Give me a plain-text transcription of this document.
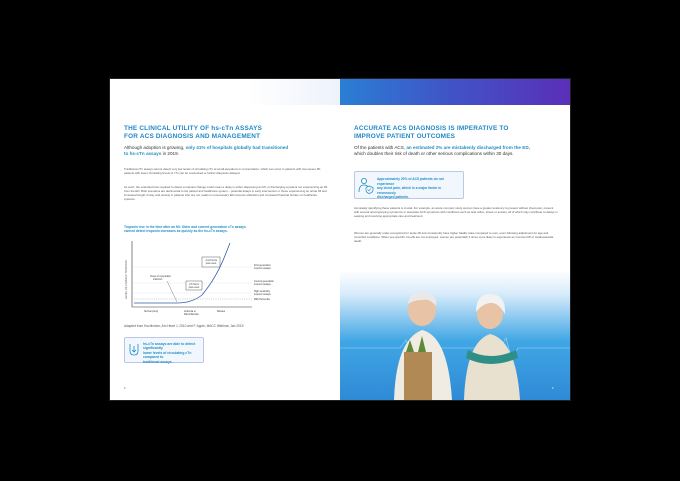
THE CLINICAL UTILITY OF hs-cTn ASSAYS
FOR ACS DIAGNOSIS AND MANAGEMENT
Although adoption is growing, only 41% of hospitals globally had transitioned
to hs-cTn assays in 2019.
Traditional cTn assays cannot detect very low levels of circulating cTn at small elevations in concentration, which can occur in patients with low-severe MI; patients with lower circulating levels of cTn can be overlooked or further diagnosis delayed.
As such, the extended time required to detect a relevant change could mean a delay in either dispensing an MI, or discharging a patient not experiencing an MI from the ED. Both scenarios are detrimental to the patient and healthcare system – potential delays in early intervention or those experiencing an acute MI and increased length of stay and anxiety in patients who are not, leads to unnecessary ED resource utilization and increased financial burden on healthcare systems.
Troponin rise in the time after an MI: Older and current generation cTn assays
cannot detect troponin increases as quickly as the hs-cTn assays.
LEVEL OF CARDIAC TROPONIN	~6-12 hours
post event
2-8 hours
post event
Onset of myocardial
infarction
First generation
troponin assays
Current generation
troponin assays
High sensitivity
troponin assays
99th Percentile
Normal (zero)	Ischemia or
Microinfarction
Minutes
Adapted from Hochholzer, Am Heart J, 2010 and F. Apple, MACC Webinar, Jan 2019.
hs-cTn assays are able to detect significantly
lower levels of circulating cTn compared to
traditional assays.
8
ACCURATE ACS DIAGNOSIS IS IMPERATIVE TO
IMPROVE PATIENT OUTCOMES
Of the patients with ACS, an estimated 2% are mistakenly discharged from the ED,
which doubles their risk of death or other serious complications within 30 days.
Approximately 20% of ACS patients do not experience
any chest pain, which is a major factor in erroneously
discharged patients.
Accurately identifying these patients is crucial. For example, an acute coronary study women have a greater tendency to present without chest pain, present with several accompanying symptoms or associate ACS symptoms with conditions such as acid reflux, stress or anxiety, all of which may contribute to delays in seeking and receiving appropriate care and treatment.
Women are generally under-recognized for acute MI and consistently have higher fatality rates compared to men, even following adjustment for age and comorbid conditions. When sex-specific cut-offs are not employed, women are potentially 3 times more likely to experience an incorrect MI or cardiovascular death.
9
